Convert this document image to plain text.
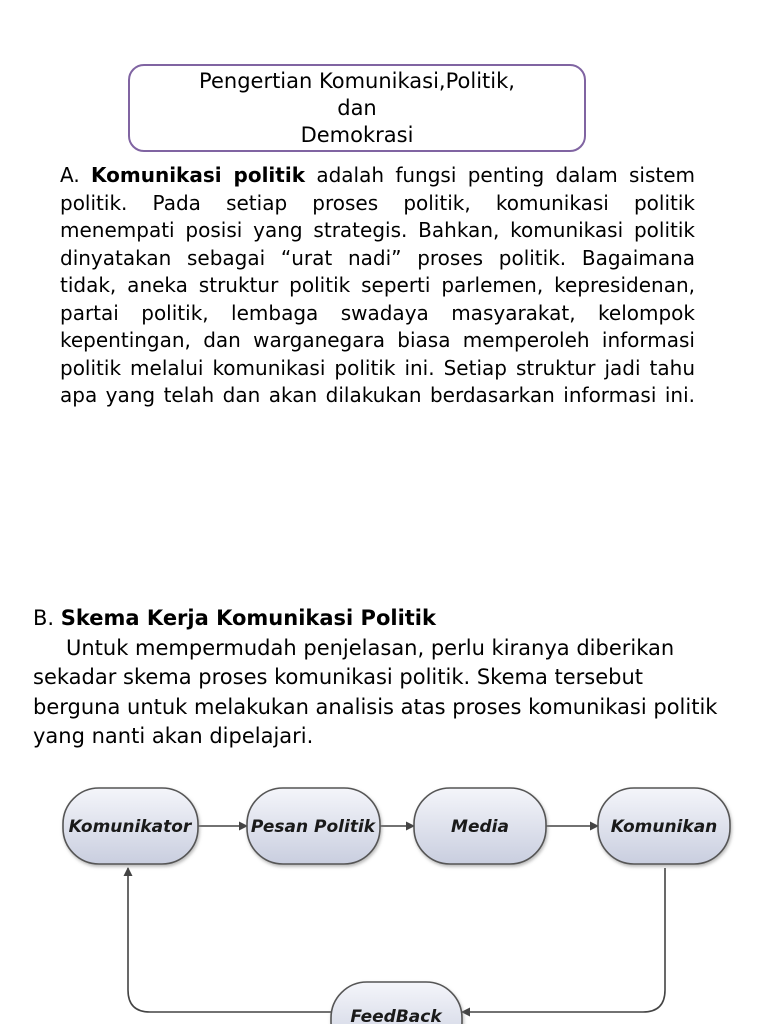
Pengertian Komunikasi,Politik,
dan
Demokrasi

A. Komunikasi politik adalah fungsi penting dalam sistem politik. Pada setiap proses politik, komunikasi politik menempati posisi yang strategis. Bahkan, komunikasi politik dinyatakan sebagai “urat nadi” proses politik. Bagaimana tidak, aneka struktur politik seperti parlemen, kepresidenan, partai politik, lembaga swadaya masyarakat, kelompok kepentingan, dan warganegara biasa memperoleh informasi politik melalui komunikasi politik ini. Setiap struktur jadi tahu apa yang telah dan akan dilakukan berdasarkan informasi ini.

B. Skema Kerja Komunikasi Politik
Untuk mempermudah penjelasan, perlu kiranya diberikan sekadar skema proses komunikasi politik. Skema tersebut berguna untuk melakukan analisis atas proses komunikasi politik yang nanti akan dipelajari.
Komunikator	Pesan Politik	Media	Komunikan
FeedBack
